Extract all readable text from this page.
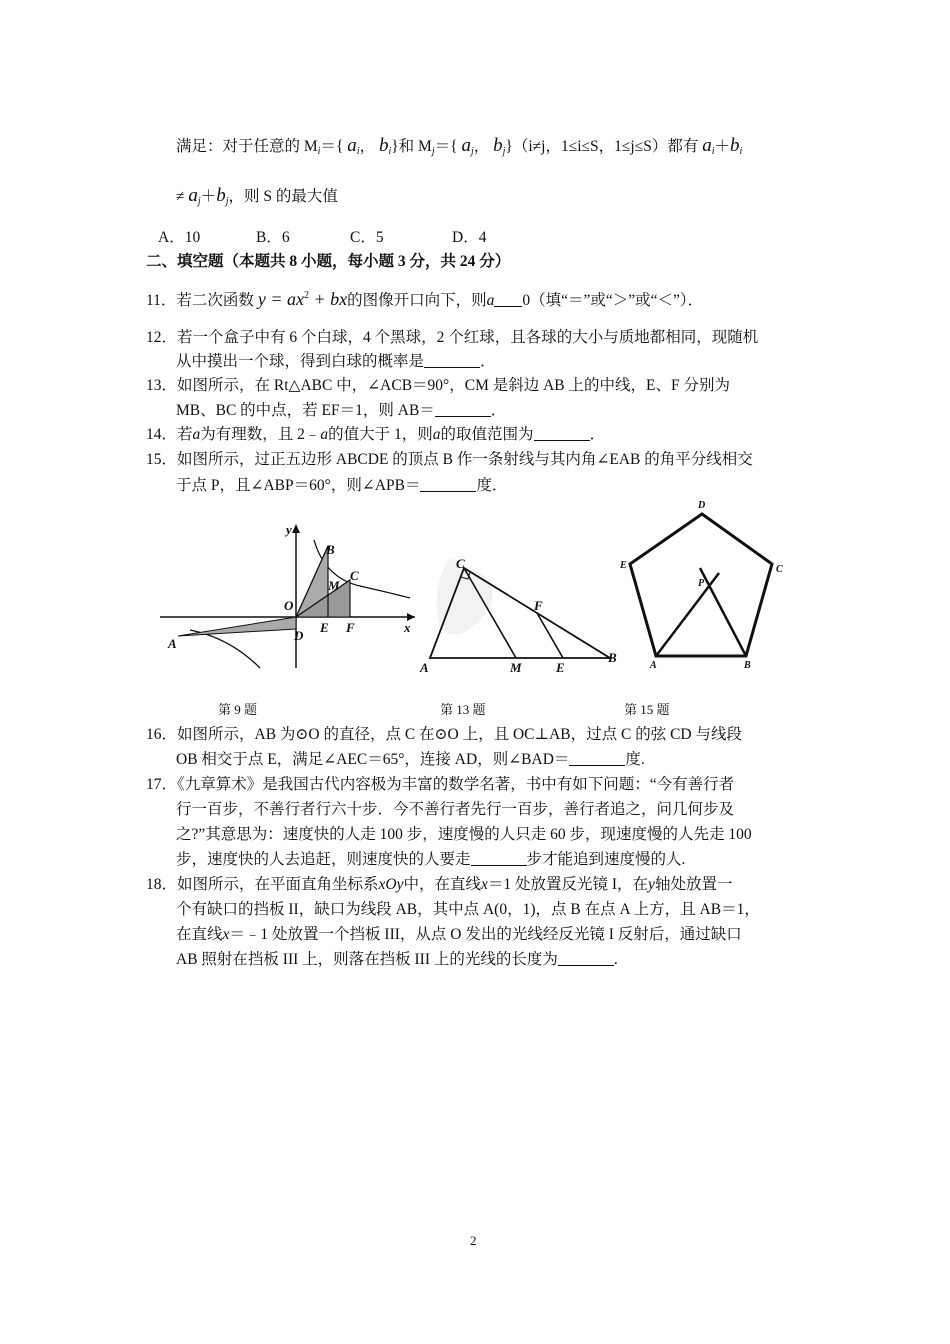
满足：对于任意的 $M_i=${ $a_i$， $b_i$}和 $M_j=${ $a_j$， $b_j\}(i\ne j$，1≤i≤S，1≤j≤S）都有 $a_i+b_i$
≠ $a_j+b_j$，则 S 的最大值
A．10	B．6	C．5	D．4
二、填空题（本题共 8 小题，每小题 3 分，共 24 分）
11．若二次函数 $y = ax^2$ + bx的图像开口向下，则a 0（填“＝”或“＞”或“＜”）．
12．若一个盒子中有 6 个白球，4 个黑球，2 个红球，且各球的大小与质地都相同，现随机
从中摸出一个球，得到白球的概率是	．
13．如图所示，在 Rt△ABC 中，∠ACB＝90°，CM 是斜边 AB 上的中线，E、F 分别为
MB、BC 的中点，若 EF＝1，则 AB＝	．
14．若a为有理数，且 2﹣a的值大于 1，则a的取值范围为	．
15．如图所示，过正五边形 ABCDE 的顶点 B 作一条射线与其内角∠EAB 的角平分线相交
于点 P，且∠ABP＝60°，则∠APB＝	度．
y
B
C
M
O
E F	x
D
A
C
F
A	M	E
B
D
E	C
P
A	B
第 9 题	第 13 题	第 15 题
16．如图所示，AB 为⊙O 的直径，点 C 在⊙O 上，且 OC⊥AB，过点 C 的弦 CD 与线段
OB 相交于点 E，满足∠AEC＝65°，连接 AD，则∠BAD＝	度.
17．《九章算术》是我国古代内容极为丰富的数学名著，书中有如下问题：“今有善行者
行一百步，不善行者行六十步．今不善行者先行一百步，善行者追之，问几何步及
之?”其意思为：速度快的人走 100 步，速度慢的人只走 60 步，现速度慢的人先走 100
步，速度快的人去追赶，则速度快的人要走	步才能追到速度慢的人.
18．如图所示，在平面直角坐标系xOy中，在直线x＝1 处放置反光镜 I，在y轴处放置一
个有缺口的挡板 II，缺口为线段 AB，其中点 A(0，1)，点 B 在点 A 上方，且 AB＝1，
在直线x＝﹣1 处放置一个挡板 III，从点 O 发出的光线经反光镜 I 反射后，通过缺口
AB 照射在挡板 III 上，则落在挡板 III 上的光线的长度为	.
2
